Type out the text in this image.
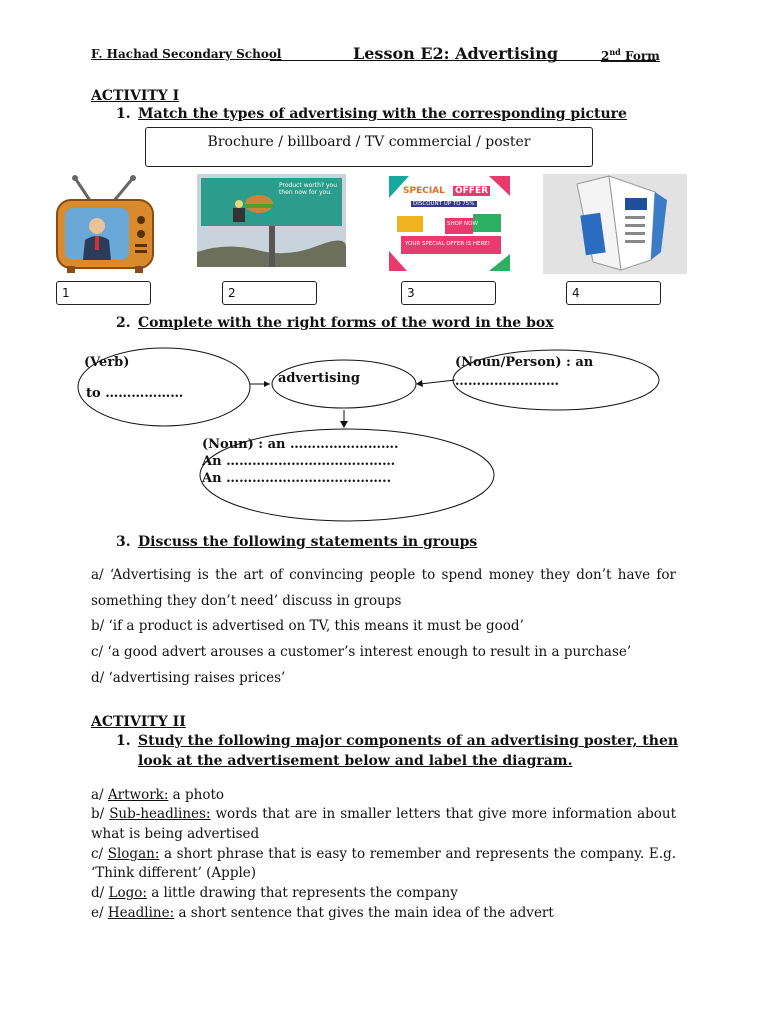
F. Hachad Secondary School	Lesson E2: Advertising	2nd Form
ACTIVITY I
1. Match the types of advertising with the corresponding picture
Brochure / billboard / TV commercial / poster
Product worth? you then now for you.	SPECIAL OFFER
DISCOUNT UP TO 75%
SHOP NOW
YOUR SPECIAL OFFER IS HERE!
1	2	3	4
2. Complete with the right forms of the word in the box
(Verb)
to ………………
advertising
(Noun/Person) : an
……………………
(Noun) : an …………………….
An …………………………………
An ………………………………..
3. Discuss the following statements in groups
a/ ‘Advertising is the art of convincing people to spend money they don’t have for
something they don’t need’ discuss in groups
b/ ‘if a product is advertised on TV, this means it must be good’
c/ ‘a good advert arouses a customer’s interest enough to result in a purchase’
d/ ‘advertising raises prices’
ACTIVITY II
1. Study the following major components of an advertising poster, then
look at the advertisement below and label the diagram.
a/ Artwork: a photo
b/ Sub-headlines: words that are in smaller letters that give more information about
what is being advertised
c/ Slogan: a short phrase that is easy to remember and represents the company. E.g.
‘Think different’ (Apple)
d/ Logo: a little drawing that represents the company
e/ Headline: a short sentence that gives the main idea of the advert
